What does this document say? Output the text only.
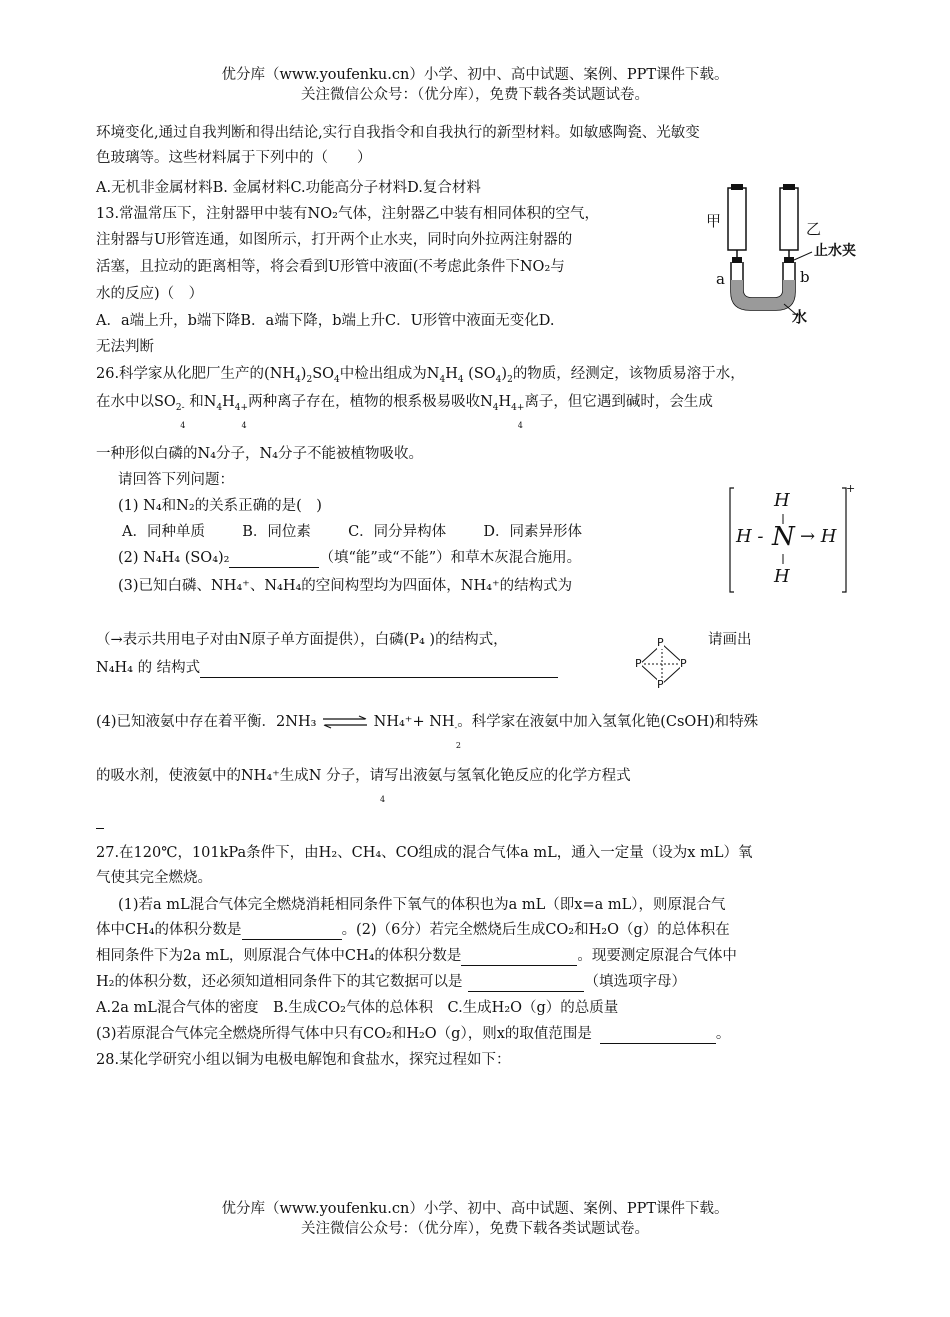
优分库（www.youfenku.cn）小学、初中、高中试题、案例、PPT课件下载。
关注微信公众号：（优分库），免费下载各类试题试卷。
环境变化,通过自我判断和得出结论,实行自我指令和自我执行的新型材料。如敏感陶瓷、光敏变
色玻璃等。这些材料属于下列中的（　　）
A.无机非金属材料B. 金属材料C.功能高分子材料D.复合材料
13.常温常压下，注射器甲中装有NO₂气体，注射器乙中装有相同体积的空气，
注射器与U形管连通，如图所示，打开两个止水夹，同时向外拉两注射器的
活塞，且拉动的距离相等，将会看到U形管中液面(不考虑此条件下NO₂与
水的反应)（　）
A．a端上升，b端下降B．a端下降，b端上升C．U形管中液面无变化D.
无法判断
甲	乙
止水夹
a	b
水
26.科学家从化肥厂生产的$(NH_4)_2SO_4$中检出组成为$N_4H_4$ $(SO_4)_2$的物质，经测定，该物质易溶于水，
在水中以$SO_{2-}$
4
和$N_4H_{4+}$
4
两种离子存在，植物的根系极易吸收$N_4H_{4+}$
4
离子，但它遇到碱时，会生成
一种形似白磷的N₄分子，N₄分子不能被植物吸收。
请回答下列问题：
(1) N₄和N₂的关系正确的是(　)
A．同种单质	B．同位素	C．同分异构体	D．同素异形体
(2) N₄H₄ (SO₄)₂	（填“能”或“不能”）和草木灰混合施用。
(3)已知白磷、NH₄⁺、N₄H₄的空间构型均为四面体，NH₄⁺的结构式为
H
H - N → H
H
+
（→表示共用电子对由N原子单方面提供），白磷(P₄ )的结构式，	请画出
P
P	P
P
N₄H₄ 的 结构式
(4)已知液氨中存在着平衡．2NH₃ ⇌ $NH_4^++ NH_-$
2
。科学家在液氨中加入氢氧化铯(CsOH)和特殊
的吸水剂，使液氨中的NH₄⁺生成N 分子，请写出液氨与氢氧化铯反应的化学方程式
4
27.在120℃，101kPa条件下，由H₂、CH₄、CO组成的混合气体a mL，通入一定量（设为x mL）氧
气使其完全燃烧。
(1)若a mL混合气体完全燃烧消耗相同条件下氧气的体积也为a mL（即x=a mL），则原混合气
体中CH₄的体积分数是	。(2)（6分）若完全燃烧后生成CO₂和H₂O（g）的总体积在
相同条件下为2a mL，则原混合气体中CH₄的体积分数是	。现要测定原混合气体中
H₂的体积分数，还必须知道相同条件下的其它数据可以是	（填选项字母）
A.2a mL混合气体的密度　B.生成CO₂气体的总体积　C.生成H₂O（g）的总质量
(3)若原混合气体完全燃烧所得气体中只有CO₂和H₂O（g），则x的取值范围是	。
28.某化学研究小组以铜为电极电解饱和食盐水，探究过程如下：
优分库（www.youfenku.cn）小学、初中、高中试题、案例、PPT课件下载。
关注微信公众号：（优分库），免费下载各类试题试卷。
